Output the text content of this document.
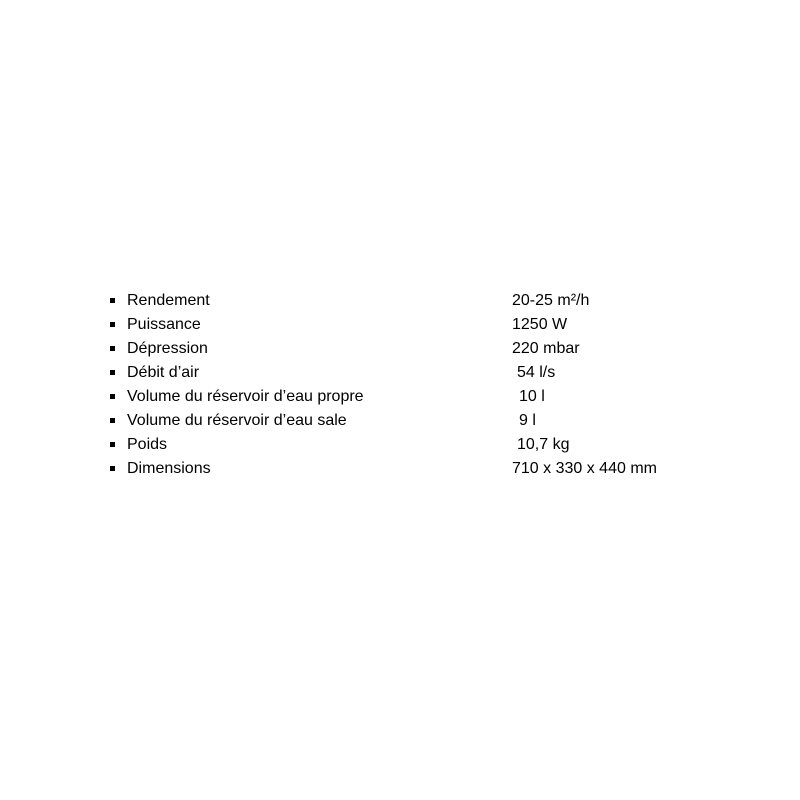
Rendement	20-25 m²/h
Puissance	1250 W
Dépression	220 mbar
Débit d’air	54 l/s
Volume du réservoir d’eau propre	10 l
Volume du réservoir d’eau sale	9 l
Poids	10,7 kg
Dimensions	710 x 330 x 440 mm
